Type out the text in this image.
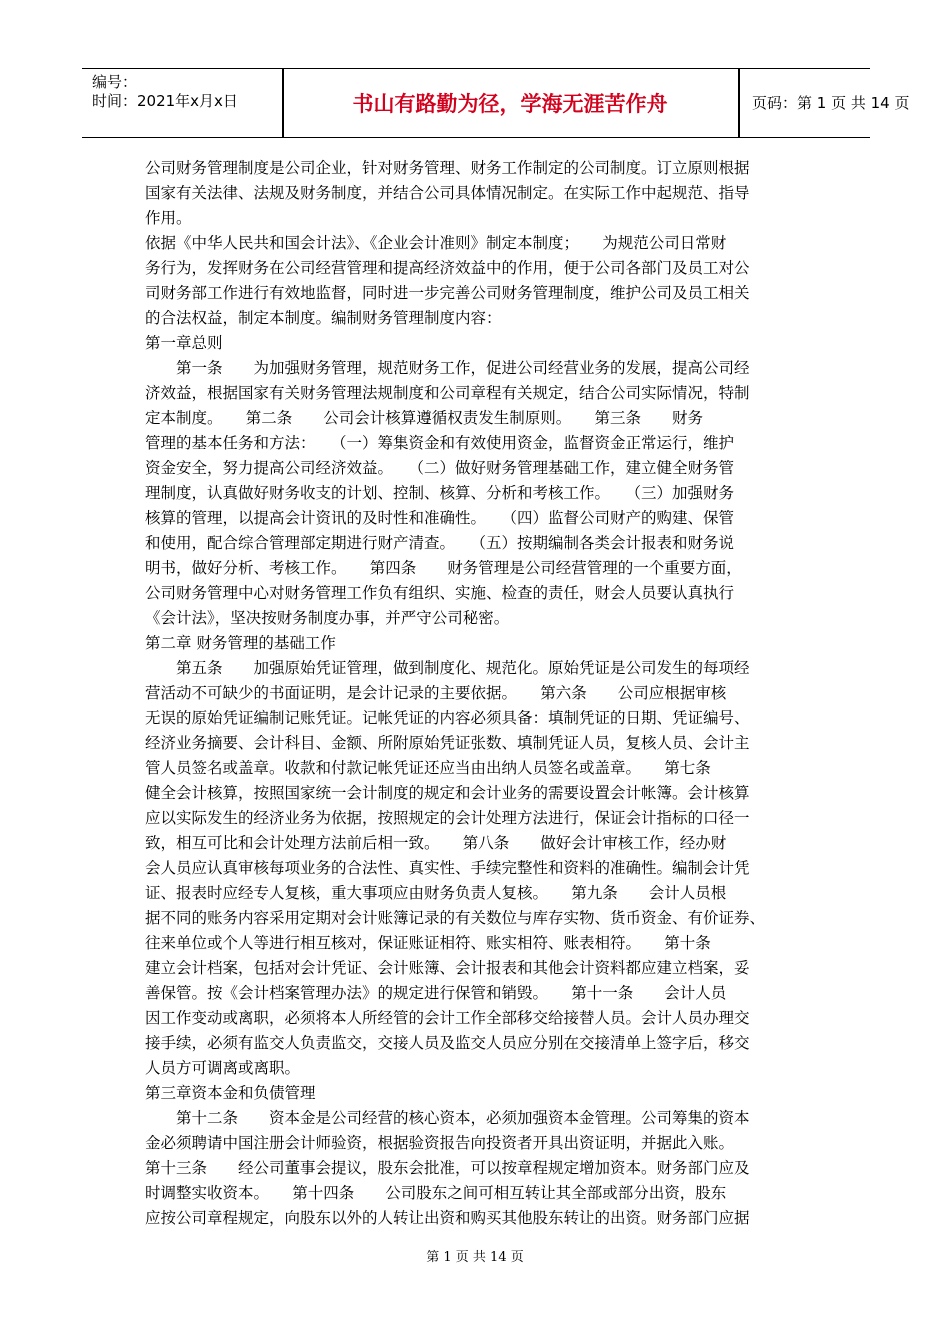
编号：
时间：2021年x月x日	书山有路勤为径，学海无涯苦作舟	页码：第 1 页 共 14 页
公司财务管理制度是公司企业，针对财务管理、财务工作制定的公司制度。订立原则根据
国家有关法律、法规及财务制度，并结合公司具体情况制定。在实际工作中起规范、指导
作用。
依据《中华人民共和国会计法》、《企业会计准则》制定本制度；　　为规范公司日常财
务行为，发挥财务在公司经营管理和提高经济效益中的作用，便于公司各部门及员工对公
司财务部工作进行有效地监督，同时进一步完善公司财务管理制度，维护公司及员工相关
的合法权益，制定本制度。编制财务管理制度内容：
第一章总则
　　第一条　　为加强财务管理，规范财务工作，促进公司经营业务的发展，提高公司经
济效益，根据国家有关财务管理法规制度和公司章程有关规定，结合公司实际情况，特制
定本制度。　　第二条　　公司会计核算遵循权责发生制原则。　　第三条　　财务
管理的基本任务和方法：　　（一）筹集资金和有效使用资金，监督资金正常运行，维护
资金安全，努力提高公司经济效益。　　（二）做好财务管理基础工作，建立健全财务管
理制度，认真做好财务收支的计划、控制、核算、分析和考核工作。　　（三）加强财务
核算的管理，以提高会计资讯的及时性和准确性。　　（四）监督公司财产的购建、保管
和使用，配合综合管理部定期进行财产清查。　　（五）按期编制各类会计报表和财务说
明书，做好分析、考核工作。　　第四条　　财务管理是公司经营管理的一个重要方面，
公司财务管理中心对财务管理工作负有组织、实施、检查的责任，财会人员要认真执行
《会计法》，坚决按财务制度办事，并严守公司秘密。
第二章 财务管理的基础工作
　　第五条　　加强原始凭证管理，做到制度化、规范化。原始凭证是公司发生的每项经
营活动不可缺少的书面证明，是会计记录的主要依据。　　第六条　　公司应根据审核
无误的原始凭证编制记账凭证。记帐凭证的内容必须具备：填制凭证的日期、凭证编号、
经济业务摘要、会计科目、金额、所附原始凭证张数、填制凭证人员，复核人员、会计主
管人员签名或盖章。收款和付款记帐凭证还应当由出纳人员签名或盖章。　　第七条
健全会计核算，按照国家统一会计制度的规定和会计业务的需要设置会计帐簿。会计核算
应以实际发生的经济业务为依据，按照规定的会计处理方法进行，保证会计指标的口径一
致，相互可比和会计处理方法前后相一致。　　第八条　　做好会计审核工作，经办财
会人员应认真审核每项业务的合法性、真实性、手续完整性和资料的准确性。编制会计凭
证、报表时应经专人复核，重大事项应由财务负责人复核。　　第九条　　会计人员根
据不同的账务内容采用定期对会计账簿记录的有关数位与库存实物、货币资金、有价证券、
往来单位或个人等进行相互核对，保证账证相符、账实相符、账表相符。　　第十条
建立会计档案，包括对会计凭证、会计账簿、会计报表和其他会计资料都应建立档案，妥
善保管。按《会计档案管理办法》的规定进行保管和销毁。　　第十一条　　会计人员
因工作变动或离职，必须将本人所经管的会计工作全部移交给接替人员。会计人员办理交
接手续，必须有监交人负责监交，交接人员及监交人员应分别在交接清单上签字后，移交
人员方可调离或离职。
第三章资本金和负债管理
　　第十二条　　资本金是公司经营的核心资本，必须加强资本金管理。公司筹集的资本
金必须聘请中国注册会计师验资，根据验资报告向投资者开具出资证明，并据此入账。
第十三条　　经公司董事会提议，股东会批准，可以按章程规定增加资本。财务部门应及
时调整实收资本。　　第十四条　　公司股东之间可相互转让其全部或部分出资，股东
应按公司章程规定，向股东以外的人转让出资和购买其他股东转让的出资。财务部门应据
第 1 页 共 14 页
